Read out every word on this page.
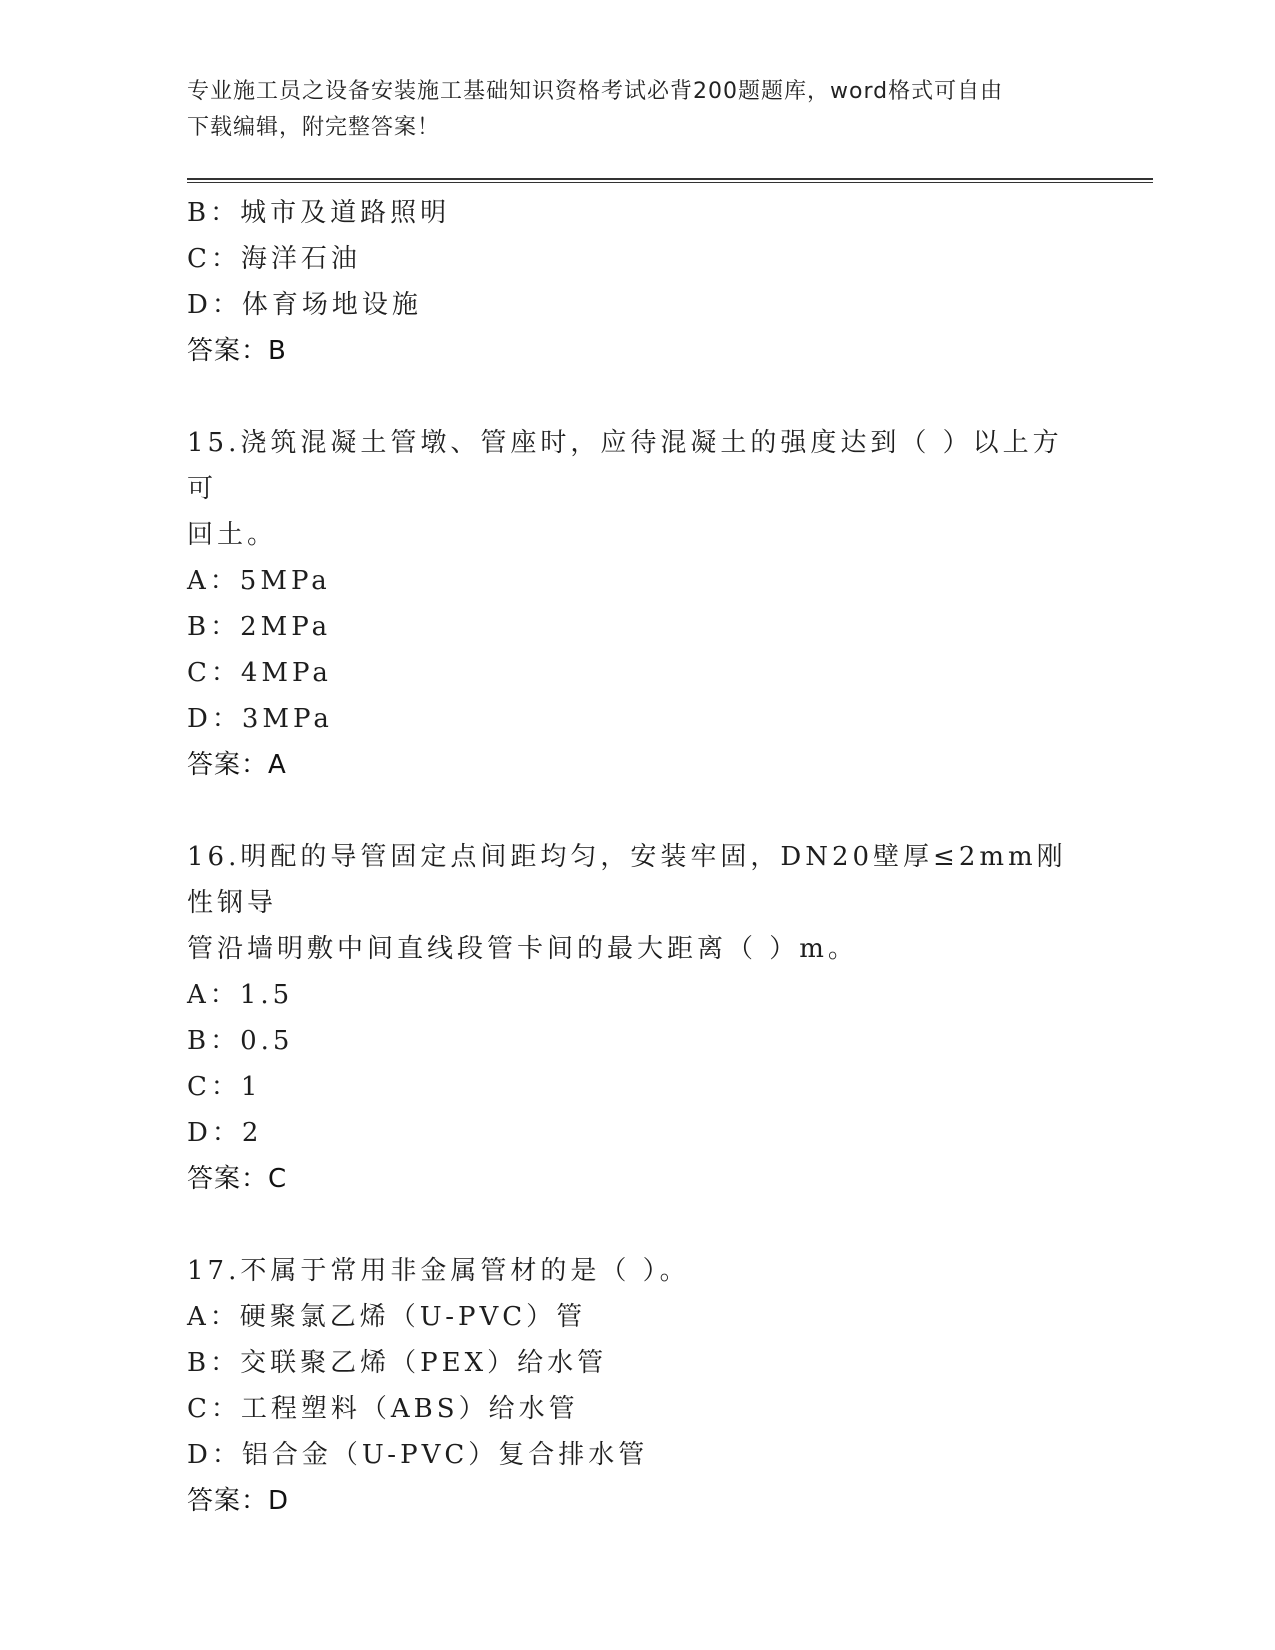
专业施工员之设备安装施工基础知识资格考试必背200题题库，word格式可自由
下载编辑，附完整答案！
B：城市及道路照明
C：海洋石油
D：体育场地设施
答案：B
15.浇筑混凝土管墩、管座时，应待混凝土的强度达到（ ）以上方可
回土。
A：5MPa
B：2MPa
C：4MPa
D：3MPa
答案：A
16.明配的导管固定点间距均匀，安装牢固，DN20壁厚≤2mm刚性钢导
管沿墙明敷中间直线段管卡间的最大距离（ ）m。
A：1.5
B：0.5
C：1
D：2
答案：C
17.不属于常用非金属管材的是（ ）。
A：硬聚氯乙烯（U-PVC）管
B：交联聚乙烯（PEX）给水管
C：工程塑料（ABS）给水管
D：铝合金（U-PVC）复合排水管
答案：D
